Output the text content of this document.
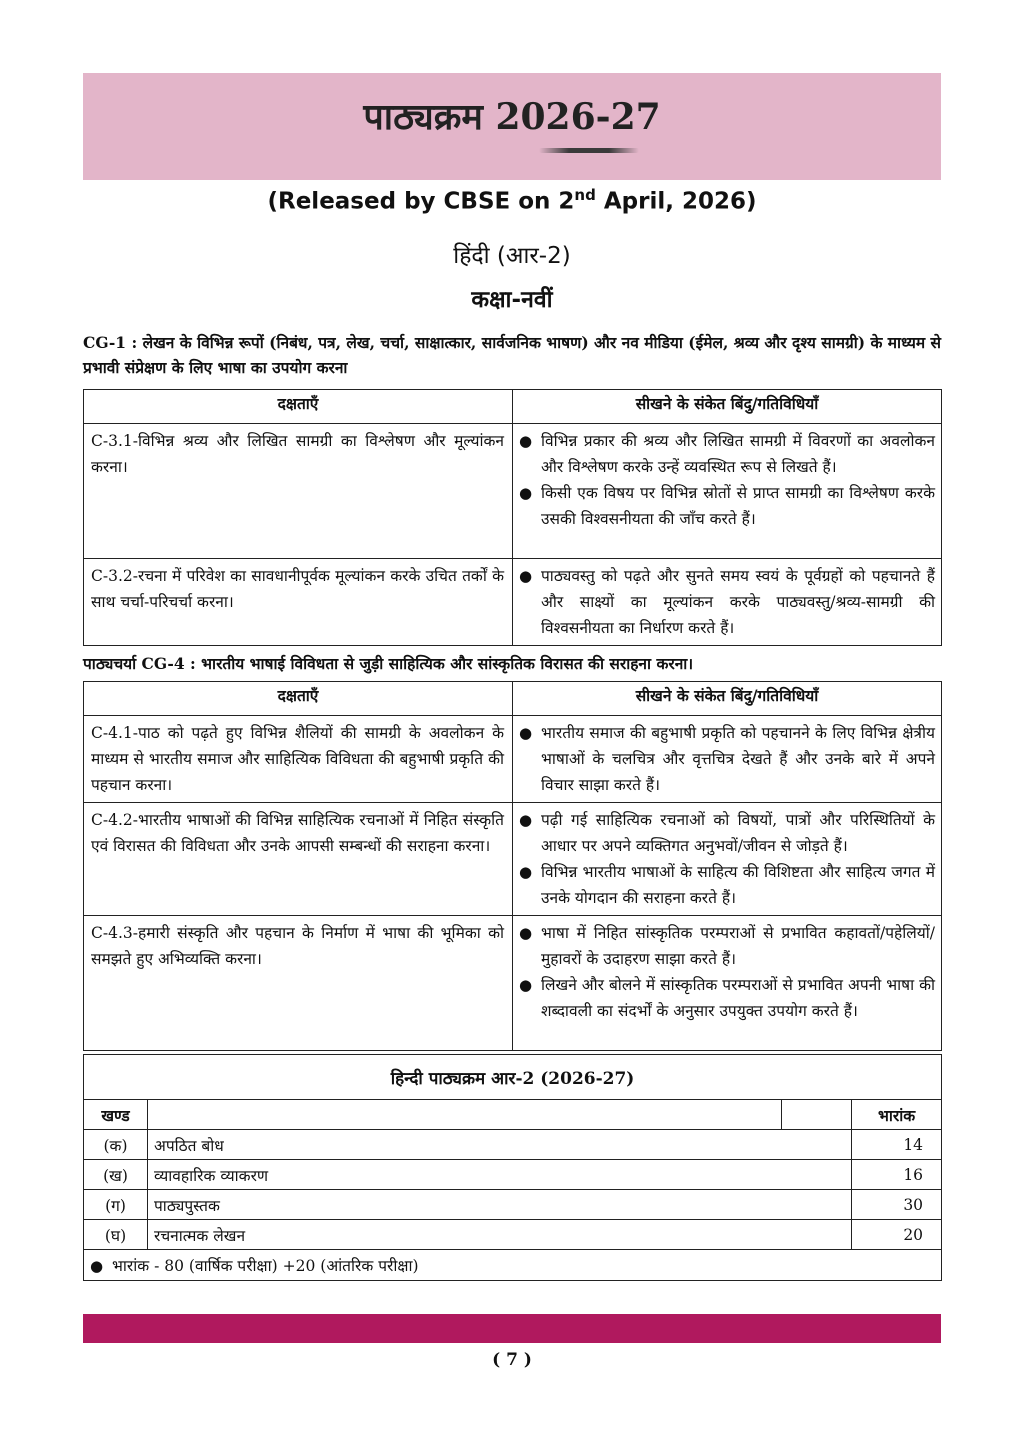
पाठ्यक्रम 2026-27
(Released by CBSE on 2nd April, 2026)
हिंदी (आर-2)
कक्षा-नवीं
CG-1 : लेखन के विभिन्न रूपों (निबंध, पत्र, लेख, चर्चा, साक्षात्कार, सार्वजनिक भाषण) और नव मीडिया (ईमेल, श्रव्य और दृश्य सामग्री) के माध्यम से प्रभावी संप्रेक्षण के लिए भाषा का उपयोग करना
दक्षताएँ	सीखने के संकेत बिंदु/गतिविधियाँ
C-3.1-विभिन्न श्रव्य और लिखित सामग्री का विश्लेषण और मूल्यांकन करना।	● विभिन्न प्रकार की श्रव्य और लिखित सामग्री में विवरणों का अवलोकन और विश्लेषण करके उन्हें व्यवस्थित रूप से लिखते हैं।
● किसी एक विषय पर विभिन्न स्रोतों से प्राप्त सामग्री का विश्लेषण करके उसकी विश्वसनीयता की जाँच करते हैं।

C-3.2-रचना में परिवेश का सावधानीपूर्वक मूल्यांकन करके उचित तर्कों के साथ चर्चा-परिचर्चा करना।	● पाठ्यवस्तु को पढ़ते और सुनते समय स्वयं के पूर्वग्रहों को पहचानते हैं और साक्ष्यों का मूल्यांकन करके पाठ्यवस्तु/श्रव्य-सामग्री की विश्वसनीयता का निर्धारण करते हैं।
पाठ्यचर्या CG-4 : भारतीय भाषाई विविधता से जुड़ी साहित्यिक और सांस्कृतिक विरासत की सराहना करना।
दक्षताएँ	सीखने के संकेत बिंदु/गतिविधियाँ
C-4.1-पाठ को पढ़ते हुए विभिन्न शैलियों की सामग्री के अवलोकन के माध्यम से भारतीय समाज और साहित्यिक विविधता की बहुभाषी प्रकृति की पहचान करना।	● भारतीय समाज की बहुभाषी प्रकृति को पहचानने के लिए विभिन्न क्षेत्रीय भाषाओं के चलचित्र और वृत्तचित्र देखते हैं और उनके बारे में अपने विचार साझा करते हैं।

C-4.2-भारतीय भाषाओं की विभिन्न साहित्यिक रचनाओं में निहित संस्कृति एवं विरासत की विविधता और उनके आपसी सम्बन्धों की सराहना करना।	● पढ़ी गई साहित्यिक रचनाओं को विषयों, पात्रों और परिस्थितियों के आधार पर अपने व्यक्तिगत अनुभवों/जीवन से जोड़ते हैं।
● विभिन्न भारतीय भाषाओं के साहित्य की विशिष्टता और साहित्य जगत में उनके योगदान की सराहना करते हैं।

C-4.3-हमारी संस्कृति और पहचान के निर्माण में भाषा की भूमिका को समझते हुए अभिव्यक्ति करना।	● भाषा में निहित सांस्कृतिक परम्पराओं से प्रभावित कहावतों/पहेलियों/मुहावरों के उदाहरण साझा करते हैं।
● लिखने और बोलने में सांस्कृतिक परम्पराओं से प्रभावित अपनी भाषा की शब्दावली का संदर्भों के अनुसार उपयुक्त उपयोग करते हैं।
हिन्दी पाठ्यक्रम आर-2 (2026-27)			
खण्ड			भारांक
(क)	अपठित बोध		14
(ख)	व्यावहारिक व्याकरण		16
(ग)	पाठ्यपुस्तक		30
(घ)	रचनात्मक लेखन		20
● भारांक - 80 (वार्षिक परीक्षा) +20 (आंतरिक परीक्षा)			
( 7 )
